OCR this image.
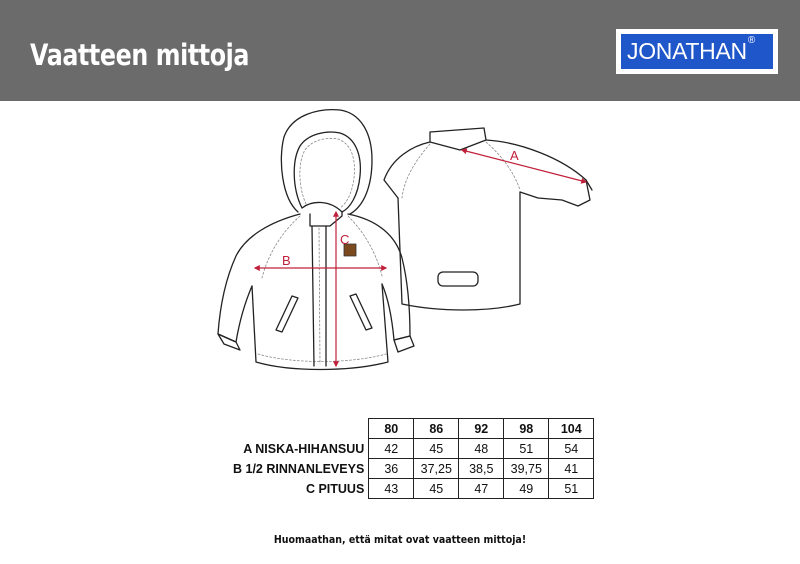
Vaatteen mittoja	JONATHAN®
A
B
C
	80	86	92	98	104
A NISKA-HIHANSUU	42	45	48	51	54
B 1/2 RINNANLEVEYS	36	37,25	38,5	39,75	41
C PITUUS	43	45	47	49	51
Huomaathan, että mitat ovat vaatteen mittoja!
